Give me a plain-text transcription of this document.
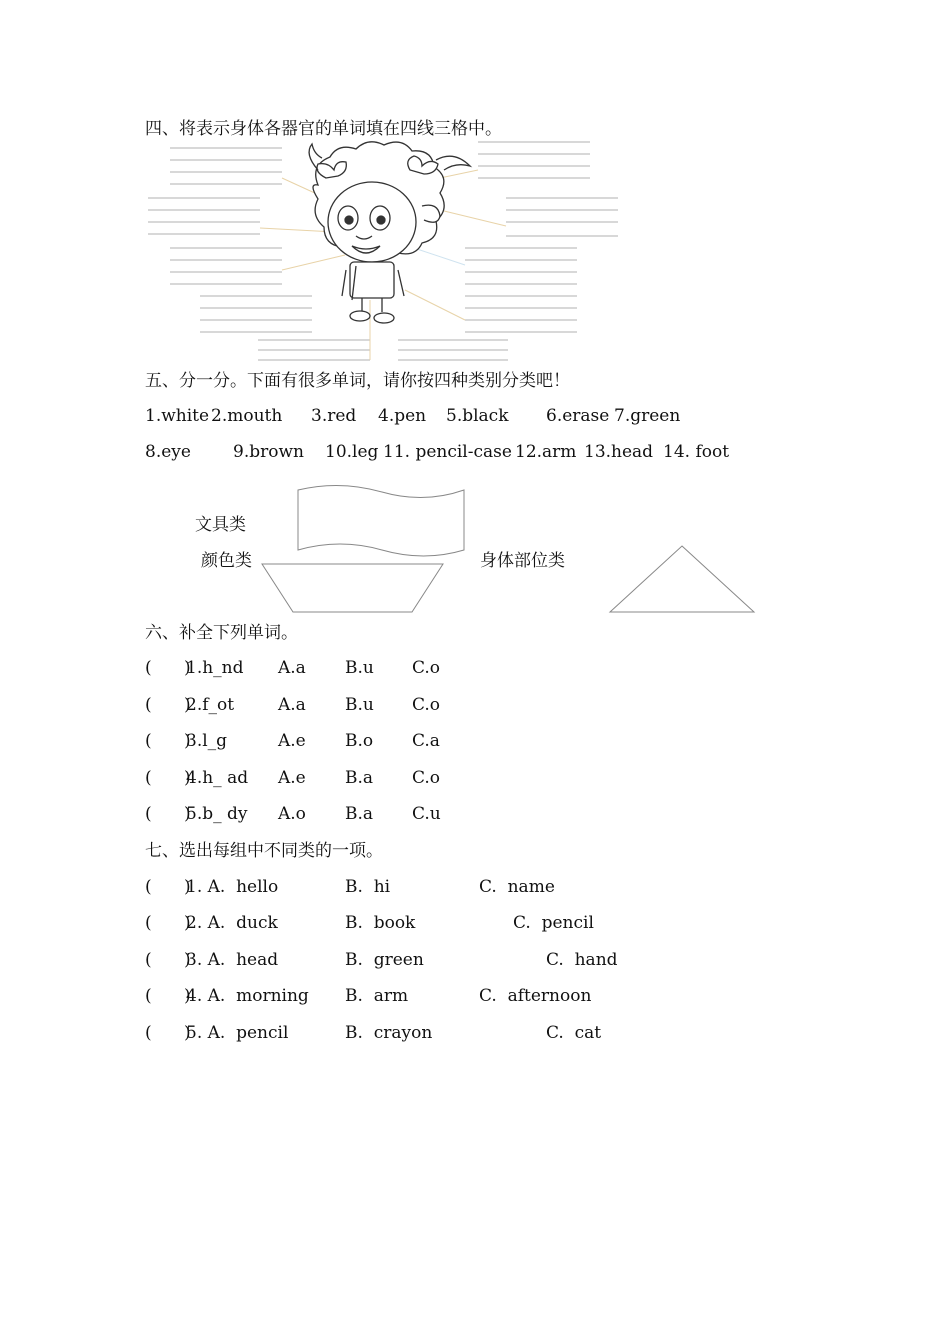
四、将表示身体各器官的单词填在四线三格中。
五、分一分。下面有很多单词，请你按四种类别分类吧！
1.white 2.mouth 3.red 4.pen 5.black 6.erase 7.green
8.eye 9.brown 10.leg 11. pencil-case 12.arm 13.head 14. foot
文具类
颜色类	身体部位类
六、补全下列单词。
(      )
1.h_nd A.a B.u C.o
(      )
2.f_ot	A.a B.u C.o
(      )
3.l_g	A.e B.o C.a
(      )
4.h_ ad A.e B.a C.o
(      )
5.b_ dy A.o B.a C.u
七、选出每组中不同类的一项。
(      )
1. A.  hello	B.  hi	C.  name
(      )
2. A.  duck	B.  book	C.  pencil
(      )
3. A.  head	B.  green	C.  hand
(      )
4. A.  morning B.  arm	C.  afternoon
(      )
5. A.  pencil	B.  crayon	C.  cat
